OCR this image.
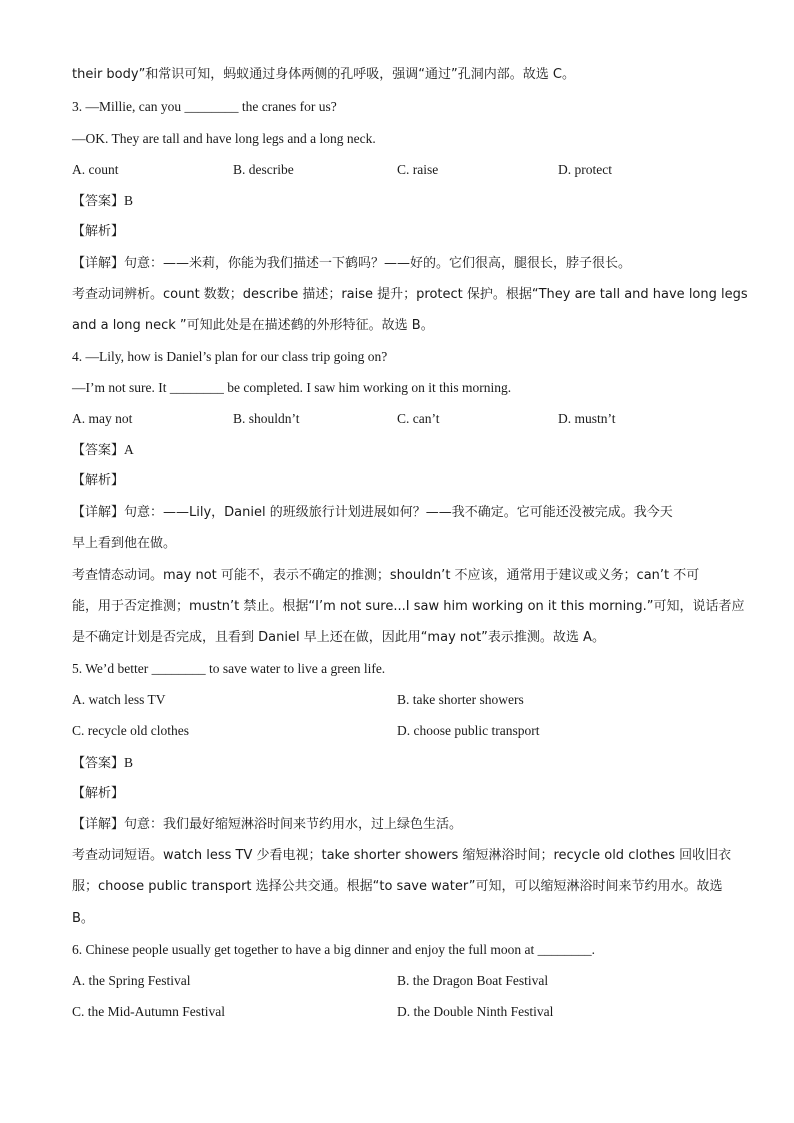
their body”和常识可知，蚂蚁通过身体两侧的孔呼吸，强调“通过”孔洞内部。故选 C。
3. —Millie, can you ________ the cranes for us?
—OK. They are tall and have long legs and a long neck.
A. count	B. describe	C. raise	D. protect
【答案】B
【解析】
【详解】句意：——米莉，你能为我们描述一下鹤吗？——好的。它们很高，腿很长，脖子很长。
考查动词辨析。count 数数；describe 描述；raise 提升；protect 保护。根据“They are tall and have long legs
and a long neck ”可知此处是在描述鹤的外形特征。故选 B。
4. —Lily, how is Daniel’s plan for our class trip going on?
—I’m not sure. It ________ be completed. I saw him working on it this morning.
A. may not	B. shouldn’t	C. can’t	D. mustn’t
【答案】A
【解析】
【详解】句意：——Lily，Daniel 的班级旅行计划进展如何？——我不确定。它可能还没被完成。我今天
早上看到他在做。
考查情态动词。may not 可能不，表示不确定的推测；shouldn’t 不应该，通常用于建议或义务；can’t 不可
能，用于否定推测；mustn’t 禁止。根据“I’m not sure...I saw him working on it this morning.”可知，说话者应
是不确定计划是否完成，且看到 Daniel 早上还在做，因此用“may not”表示推测。故选 A。
5. We’d better ________ to save water to live a green life.
A. watch less TV	B. take shorter showers
C. recycle old clothes	D. choose public transport
【答案】B
【解析】
【详解】句意：我们最好缩短淋浴时间来节约用水，过上绿色生活。
考查动词短语。watch less TV 少看电视；take shorter showers 缩短淋浴时间；recycle old clothes 回收旧衣
服；choose public transport 选择公共交通。根据“to save water”可知，可以缩短淋浴时间来节约用水。故选
B。
6. Chinese people usually get together to have a big dinner and enjoy the full moon at ________.
A. the Spring Festival	B. the Dragon Boat Festival
C. the Mid-Autumn Festival	D. the Double Ninth Festival
